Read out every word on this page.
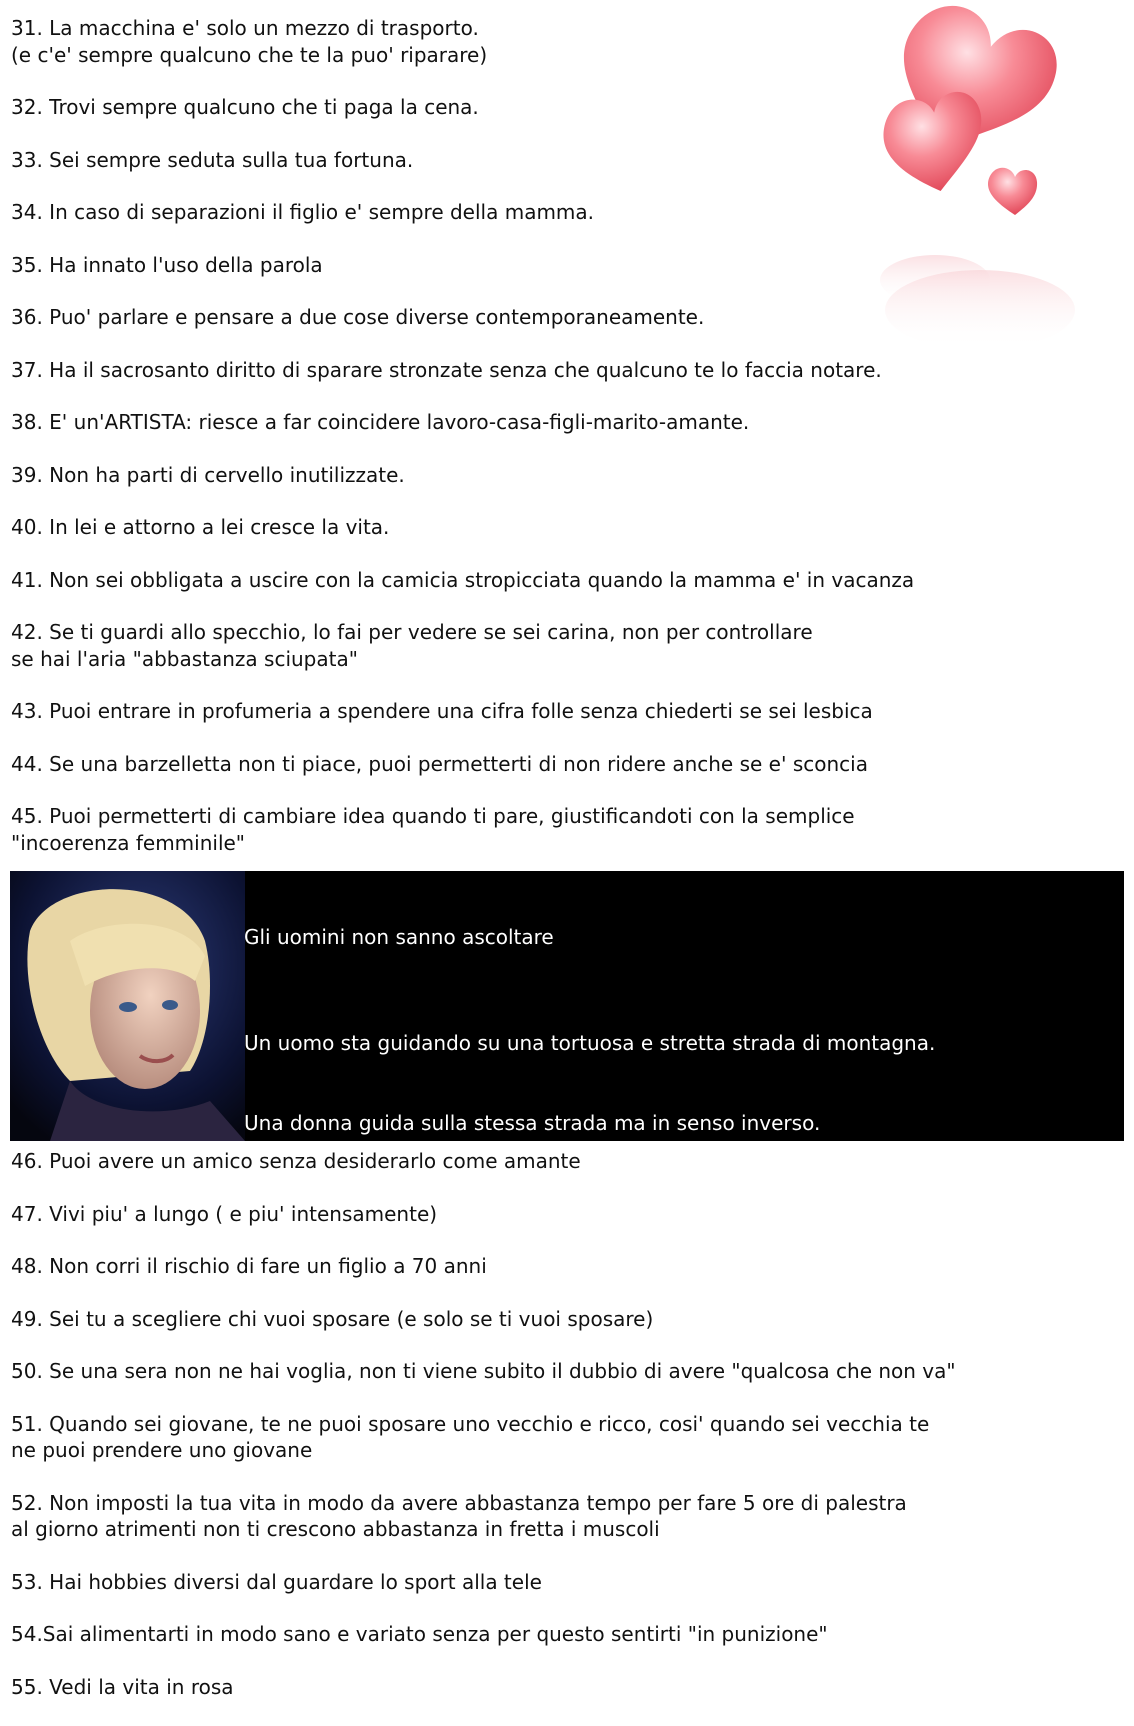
31. La macchina e' solo un mezzo di trasporto.
(e c'e' sempre qualcuno che te la puo' riparare)
32. Trovi sempre qualcuno che ti paga la cena.
33. Sei sempre seduta sulla tua fortuna.
34. In caso di separazioni il figlio e' sempre della mamma.
35. Ha innato l'uso della parola
36. Puo' parlare e pensare a due cose diverse contemporaneamente.
37. Ha il sacrosanto diritto di sparare stronzate senza che qualcuno te lo faccia notare.
38. E' un'ARTISTA: riesce a far coincidere lavoro-casa-figli-marito-amante.
39. Non ha parti di cervello inutilizzate.
40. In lei e attorno a lei cresce la vita.
41. Non sei obbligata a uscire con la camicia stropicciata quando la mamma e' in vacanza
42. Se ti guardi allo specchio, lo fai per vedere se sei carina, non per controllare
se hai l'aria "abbastanza sciupata"
43. Puoi entrare in profumeria a spendere una cifra folle senza chiederti se sei lesbica
44. Se una barzelletta non ti piace, puoi permetterti di non ridere anche se e' sconcia
45. Puoi permetterti di cambiare idea quando ti pare, giustificandoti con la semplice
"incoerenza femminile"

Gli uomini non sanno ascoltare

Un uomo sta guidando su una tortuosa e stretta strada di montagna.

Una donna guida sulla stessa strada ma in senso inverso.

46. Puoi avere un amico senza desiderarlo come amante
47. Vivi piu' a lungo ( e piu' intensamente)
48. Non corri il rischio di fare un figlio a 70 anni
49. Sei tu a scegliere chi vuoi sposare (e solo se ti vuoi sposare)
50. Se una sera non ne hai voglia, non ti viene subito il dubbio di avere "qualcosa che non va"
51. Quando sei giovane, te ne puoi sposare uno vecchio e ricco, cosi' quando sei vecchia te
ne puoi prendere uno giovane
52. Non imposti la tua vita in modo da avere abbastanza tempo per fare 5 ore di palestra
al giorno atrimenti non ti crescono abbastanza in fretta i muscoli
53. Hai hobbies diversi dal guardare lo sport alla tele
54.Sai alimentarti in modo sano e variato senza per questo sentirti "in punizione"
55. Vedi la vita in rosa
